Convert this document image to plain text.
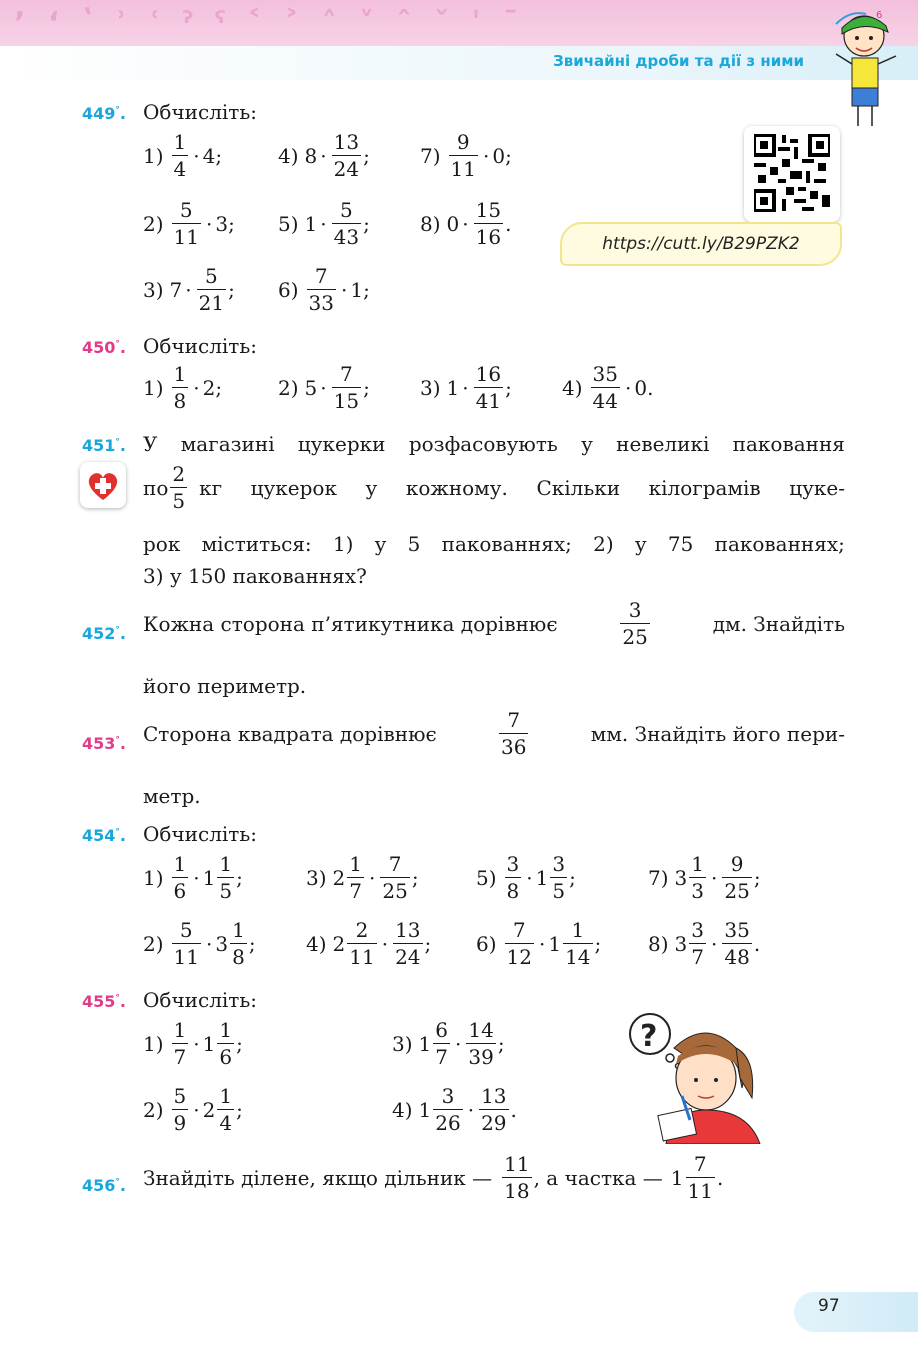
ʼ ʻ ʽ ʾ ʿ ˀ ˁ ˂ ˃ ˄ ˅ ˆ ˇ ˈ ˉ
Звичайні дроби та дії з ними
6
https://cutt.ly/B29PZK2
449°. Обчисліть:
$1) \frac{1}{4} \cdot 4$ ;	4) $8 \cdot \frac{13}{24}$ ;	$7) \frac{9}{11} \cdot 0$ ;
$2) \frac{5}{11} \cdot 3$ ; 5) $1 \cdot \frac{5}{43}$ ;	8) $0 \cdot \frac{15}{16}$ .
3) $7 \cdot \frac{5}{21}$ ; $6) \frac{7}{33} \cdot 1$ ;
450°. Обчисліть:
$1) \frac{1}{8} \cdot 2$ ;	2) $5 \cdot \frac{7}{15}$ ;	3) $1 \cdot \frac{16}{41}$ ;	$4) \frac{35}{44} \cdot 0$ .
451°. У магазині цукерки розфасовують у невеликі паковання
по $\frac{2}{5}$ кг цукерок у кожному. Скільки кілограмів цуке-
рок міститься: 1) у 5 пакованнях; 2) у 75 пакованнях;
3) у 150 пакованнях?
452°. Кожна сторона п’ятикутника дорівнює	$\frac{3}{25}$	дм. Знайдіть
його периметр.
453°. Сторона квадрата дорівнює	$\frac{7}{36}$	мм. Знайдіть його пери-
метр.
454°. Обчисліть:
$1) \frac{1}{6} \cdot 1 \frac{1}{5}$ ;	3) $2 \frac{1}{7} \cdot \frac{7}{25}$ ;	$5) \frac{3}{8} \cdot 1 \frac{3}{5}$ ;	7) $3 \frac{1}{3} \cdot \frac{9}{25}$ ;
$2) \frac{5}{11} \cdot 3 \frac{1}{8}$ ;	4) $2 \frac{2}{11} \cdot \frac{13}{24}$ ; $6) \frac{7}{12} \cdot 1 \frac{1}{14}$ ; 8) $3 \frac{3}{7} \cdot \frac{35}{48}$ .
455°. Обчисліть:
$1) \frac{1}{7} \cdot 1 \frac{1}{6}$ ;	3) $1 \frac{6}{7} \cdot \frac{14}{39}$ ;
$2) \frac{5}{9} \cdot 2 \frac{1}{4}$ ;	4) $1 \frac{3}{26} \cdot \frac{13}{29}$ .
?
456°. Знайдіть ділене, якщо дільник — $\frac{11}{18}$ , а частка — $1 \frac{7}{11}$ .
97
